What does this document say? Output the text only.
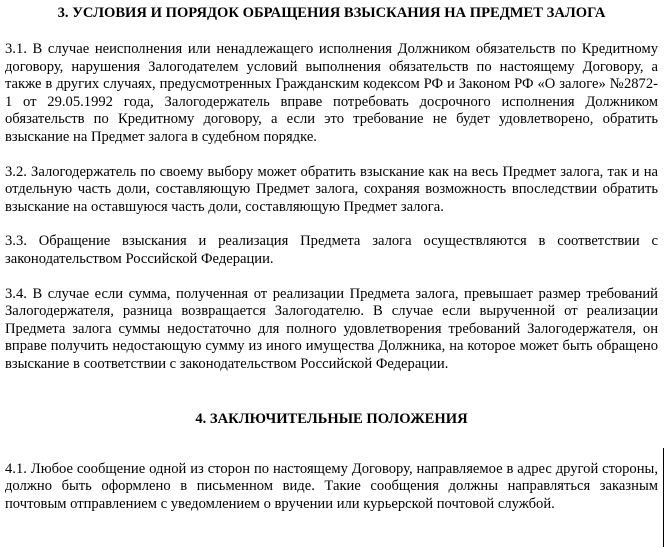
3. УСЛОВИЯ И ПОРЯДОК ОБРАЩЕНИЯ ВЗЫСКАНИЯ НА ПРЕДМЕТ ЗАЛОГА

3.1. В случае неисполнения или ненадлежащего исполнения Должником обязательств по Кредитному договору, нарушения Залогодателем условий выполнения обязательств по настоящему Договору, а также в других случаях, предусмотренных Гражданским кодексом РФ и Законом РФ «О залоге» №2872-1 от 29.05.1992 года, Залогодержатель вправе потребовать досрочного исполнения Должником обязательств по Кредитному договору, а если это требование не будет удовлетворено, обратить взыскание на Предмет залога в судебном порядке.

3.2. Залогодержатель по своему выбору может обратить взыскание как на весь Предмет залога, так и на отдельную часть доли, составляющую Предмет залога, сохраняя возможность впоследствии обратить взыскание на оставшуюся часть доли, составляющую Предмет залога.

3.3. Обращение взыскания и реализация Предмета залога осуществляются в соответствии с законодательством Российской Федерации.

3.4. В случае если сумма, полученная от реализации Предмета залога, превышает размер требований Залогодержателя, разница возвращается Залогодателю. В случае если вырученной от реализации Предмета залога суммы недостаточно для полного удовлетворения требований Залогодержателя, он вправе получить недостающую сумму из иного имущества Должника, на которое может быть обращено взыскание в соответствии с законодательством Российской Федерации.

4. ЗАКЛЮЧИТЕЛЬНЫЕ ПОЛОЖЕНИЯ

4.1. Любое сообщение одной из сторон по настоящему Договору, направляемое в адрес другой стороны, должно быть оформлено в письменном виде. Такие сообщения должны направляться заказным почтовым отправлением с уведомлением о вручении или курьерской почтовой службой.
